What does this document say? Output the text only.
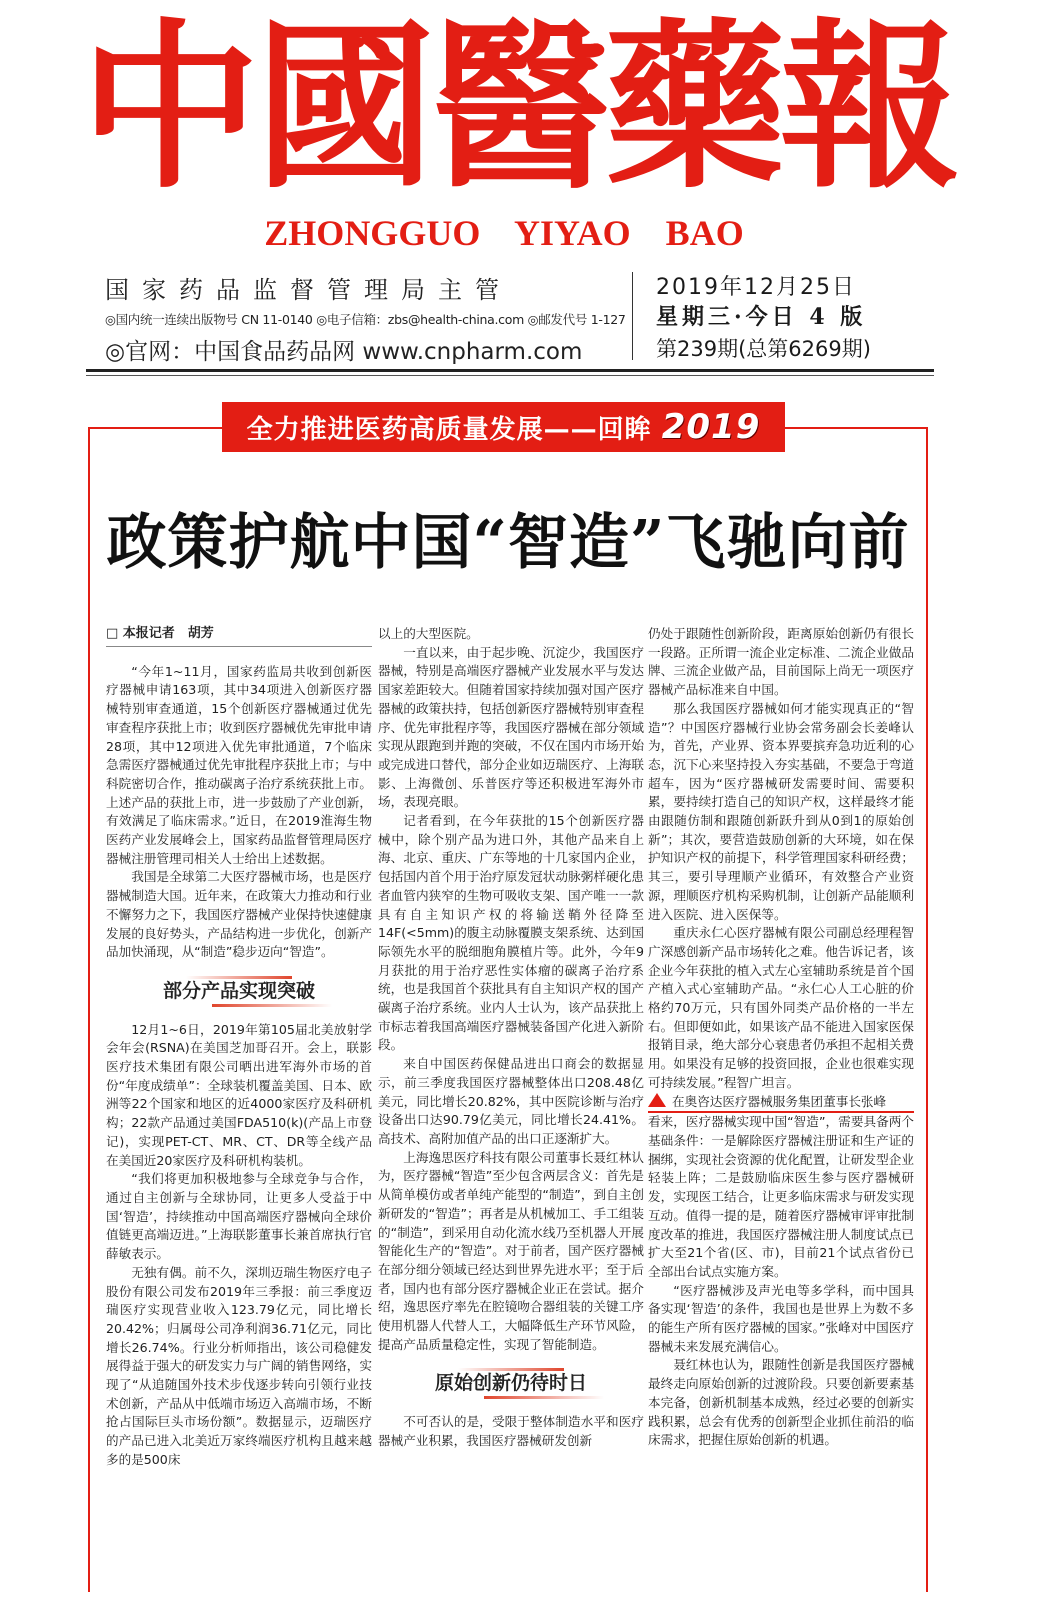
中
國
醫
藥
報
ZHONGGUO YIYAO BAO
国家药品监督管理局主管
◎国内统一连续出版物号 CN 11-0140 ◎电子信箱：zbs@health-china.com ◎邮发代号 1-127
◎官网：中国食品药品网 www.cnpharm.com
2019年12月25日
星期三·今日 4 版
第239期(总第6269期)
全力推进医药高质量发展——回眸 2019
政策护航中国“智造”飞驰向前
□ 本报记者　胡芳

“今年1~11月，国家药监局共收到创新医疗器械申请163项，其中34项进入创新医疗器械特别审查通道，15个创新医疗器械通过优先审查程序获批上市；收到医疗器械优先审批申请28项，其中12项进入优先审批通道，7个临床急需医疗器械通过优先审批程序获批上市；与中科院密切合作，推动碳离子治疗系统获批上市。上述产品的获批上市，进一步鼓励了产业创新，有效满足了临床需求。”近日，在2019淮海生物医药产业发展峰会上，国家药品监督管理局医疗器械注册管理司相关人士给出上述数据。

我国是全球第二大医疗器械市场，也是医疗器械制造大国。近年来，在政策大力推动和行业不懈努力之下，我国医疗器械产业保持快速健康发展的良好势头，产品结构进一步优化，创新产品加快涌现，从“制造”稳步迈向“智造”。

部分产品实现突破

12月1~6日，2019年第105届北美放射学会年会(RSNA)在美国芝加哥召开。会上，联影医疗技术集团有限公司晒出进军海外市场的首份“年度成绩单”：全球装机覆盖美国、日本、欧洲等22个国家和地区的近4000家医疗及科研机构；22款产品通过美国FDA510(k)(产品上市登记)，实现PET-CT、MR、CT、DR等全线产品在美国近20家医疗及科研机构装机。

“我们将更加积极地参与全球竞争与合作，通过自主创新与全球协同，让更多人受益于中国‘智造’，持续推动中国高端医疗器械向全球价值链更高端迈进。”上海联影董事长兼首席执行官薛敏表示。

无独有偶。前不久，深圳迈瑞生物医疗电子股份有限公司发布2019年三季报：前三季度迈瑞医疗实现营业收入123.79亿元，同比增长20.42%；归属母公司净利润36.71亿元，同比增长26.74%。行业分析师指出，该公司稳健发展得益于强大的研发实力与广阔的销售网络，实现了“从追随国外技术步伐逐步转向引领行业技术创新，产品从中低端市场迈入高端市场，不断抢占国际巨头市场份额”。数据显示，迈瑞医疗的产品已进入北美近万家终端医疗机构且越来越多的是500床

以上的大型医院。

一直以来，由于起步晚、沉淀少，我国医疗器械，特别是高端医疗器械产业发展水平与发达国家差距较大。但随着国家持续加强对国产医疗器械的政策扶持，包括创新医疗器械特别审查程序、优先审批程序等，我国医疗器械在部分领域实现从跟跑到并跑的突破，不仅在国内市场开始或完成进口替代，部分企业如迈瑞医疗、上海联影、上海微创、乐普医疗等还积极进军海外市场，表现亮眼。

记者看到，在今年获批的15个创新医疗器械中，除个别产品为进口外，其他产品来自上海、北京、重庆、广东等地的十几家国内企业，包括国内首个用于治疗原发冠状动脉粥样硬化患者血管内狭窄的生物可吸收支架、国产唯一一款具有自主知识产权的将输送鞘外径降至14F(<5mm)的腹主动脉覆膜支架系统、达到国际领先水平的脱细胞角膜植片等。此外，今年9月获批的用于治疗恶性实体瘤的碳离子治疗系统，也是我国首个获批具有自主知识产权的国产碳离子治疗系统。业内人士认为，该产品获批上市标志着我国高端医疗器械装备国产化进入新阶段。

来自中国医药保健品进出口商会的数据显示，前三季度我国医疗器械整体出口208.48亿美元，同比增长20.82%，其中医院诊断与治疗设备出口达90.79亿美元，同比增长24.41%。高技术、高附加值产品的出口正逐渐扩大。

上海逸思医疗科技有限公司董事长聂红林认为，医疗器械“智造”至少包含两层含义：首先是从简单模仿或者单纯产能型的“制造”，到自主创新研发的“智造”；再者是从机械加工、手工组装的“制造”，到采用自动化流水线乃至机器人开展智能化生产的“智造”。对于前者，国产医疗器械在部分细分领域已经达到世界先进水平；至于后者，国内也有部分医疗器械企业正在尝试。据介绍，逸思医疗率先在腔镜吻合器组装的关键工序使用机器人代替人工，大幅降低生产环节风险，提高产品质量稳定性，实现了智能制造。

原始创新仍待时日

不可否认的是，受限于整体制造水平和医疗器械产业积累，我国医疗器械研发创新

仍处于跟随性创新阶段，距离原始创新仍有很长一段路。正所谓一流企业定标准、二流企业做品牌、三流企业做产品，目前国际上尚无一项医疗器械产品标准来自中国。

那么我国医疗器械如何才能实现真正的“智造”？中国医疗器械行业协会常务副会长姜峰认为，首先，产业界、资本界要摈弃急功近利的心态，沉下心来坚持投入夯实基础，不要急于弯道超车，因为“医疗器械研发需要时间、需要积累，要持续打造自己的知识产权，这样最终才能由跟随仿制和跟随创新跃升到从0到1的原始创新”；其次，要营造鼓励创新的大环境，如在保护知识产权的前提下，科学管理国家科研经费；其三，要引导理顺产业循环，有效整合产业资源，理顺医疗机构采购机制，让创新产品能顺利进入医院、进入医保等。

重庆永仁心医疗器械有限公司副总经理程智广深感创新产品市场转化之难。他告诉记者，该企业今年获批的植入式左心室辅助系统是首个国产植入式心室辅助产品。“永仁心人工心脏的价格约70万元，只有国外同类产品价格的一半左右。但即便如此，如果该产品不能进入国家医保报销目录，绝大部分心衰患者仍承担不起相关费用。如果没有足够的投资回报，企业也很难实现可持续发展。”程智广坦言。

在奥咨达医疗器械服务集团董事长张峰

看来，医疗器械实现中国“智造”，需要具备两个基础条件：一是解除医疗器械注册证和生产证的捆绑，实现社会资源的优化配置，让研发型企业轻装上阵；二是鼓励临床医生参与医疗器械研发，实现医工结合，让更多临床需求与研发实现互动。值得一提的是，随着医疗器械审评审批制度改革的推进，我国医疗器械注册人制度试点已扩大至21个省(区、市)，目前21个试点省份已全部出台试点实施方案。

“医疗器械涉及声光电等多学科，而中国具备实现‘智造’的条件，我国也是世界上为数不多的能生产所有医疗器械的国家。”张峰对中国医疗器械未来发展充满信心。

聂红林也认为，跟随性创新是我国医疗器械最终走向原始创新的过渡阶段。只要创新要素基本完备，创新机制基本成熟，经过必要的创新实践积累，总会有优秀的创新型企业抓住前沿的临床需求，把握住原始创新的机遇。
